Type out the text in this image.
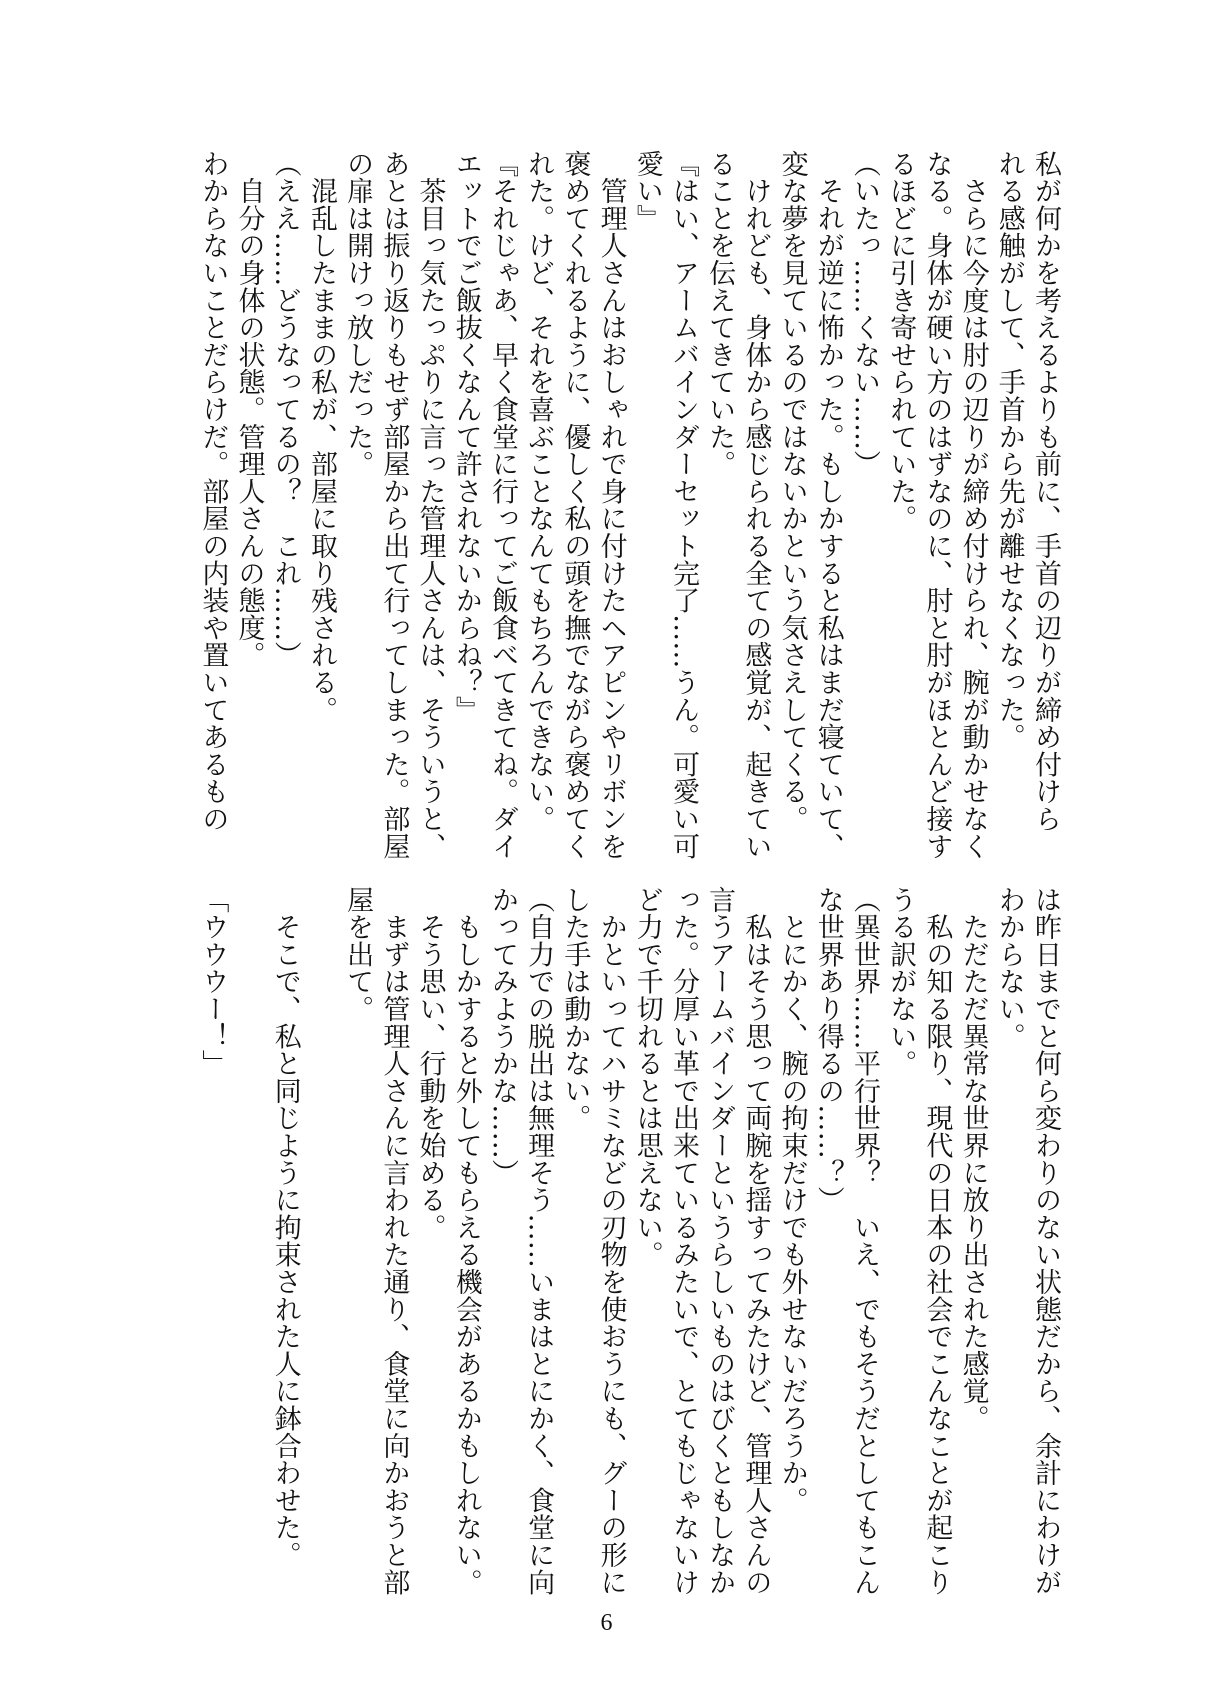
私が何かを考えるよりも前に、手首の辺りが締め付けら
れる感触がして、手首から先が離せなくなった。
　さらに今度は肘の辺りが締め付けられ、腕が動かせなく
なる。身体が硬い方のはずなのに、肘と肘がほとんど接す
るほどに引き寄せられていた。
（いたっ……くない……）
　それが逆に怖かった。もしかすると私はまだ寝ていて、
変な夢を見ているのではないかという気さえしてくる。
　けれども、身体から感じられる全ての感覚が、起きてい
ることを伝えてきていた。
『はい、アームバインダーセット完了……うん。可愛い可
愛い』
　管理人さんはおしゃれで身に付けたヘアピンやリボンを
褒めてくれるように、優しく私の頭を撫でながら褒めてく
れた。けど、それを喜ぶことなんてもちろんできない。
『それじゃあ、早く食堂に行ってご飯食べてきてね。ダイ
エットでご飯抜くなんて許されないからね？』
　茶目っ気たっぷりに言った管理人さんは、そういうと、
あとは振り返りもせず部屋から出て行ってしまった。部屋
の扉は開けっ放しだった。
　混乱したままの私が、部屋に取り残される。
（ええ……どうなってるの？　これ……）
　自分の身体の状態。管理人さんの態度。
わからないことだらけだ。部屋の内装や置いてあるもの
は昨日までと何ら変わりのない状態だから、余計にわけが
わからない。
　ただただ異常な世界に放り出された感覚。
　私の知る限り、現代の日本の社会でこんなことが起こり
うる訳がない。
（異世界……平行世界？　いえ、でもそうだとしてもこん
な世界あり得るの……？）
　とにかく、腕の拘束だけでも外せないだろうか。
　私はそう思って両腕を揺すってみたけど、管理人さんの
言うアームバインダーというらしいものはびくともしなか
った。分厚い革で出来ているみたいで、とてもじゃないけ
ど力で千切れるとは思えない。
　かといってハサミなどの刃物を使おうにも、グーの形に
した手は動かない。
（自力での脱出は無理そう……いまはとにかく、食堂に向
かってみようかな……）
　もしかすると外してもらえる機会があるかもしれない。
　そう思い、行動を始める。
　まずは管理人さんに言われた通り、食堂に向かおうと部
屋を出て。

　そこで、私と同じように拘束された人に鉢合わせた。

「ウウウー！」
6
